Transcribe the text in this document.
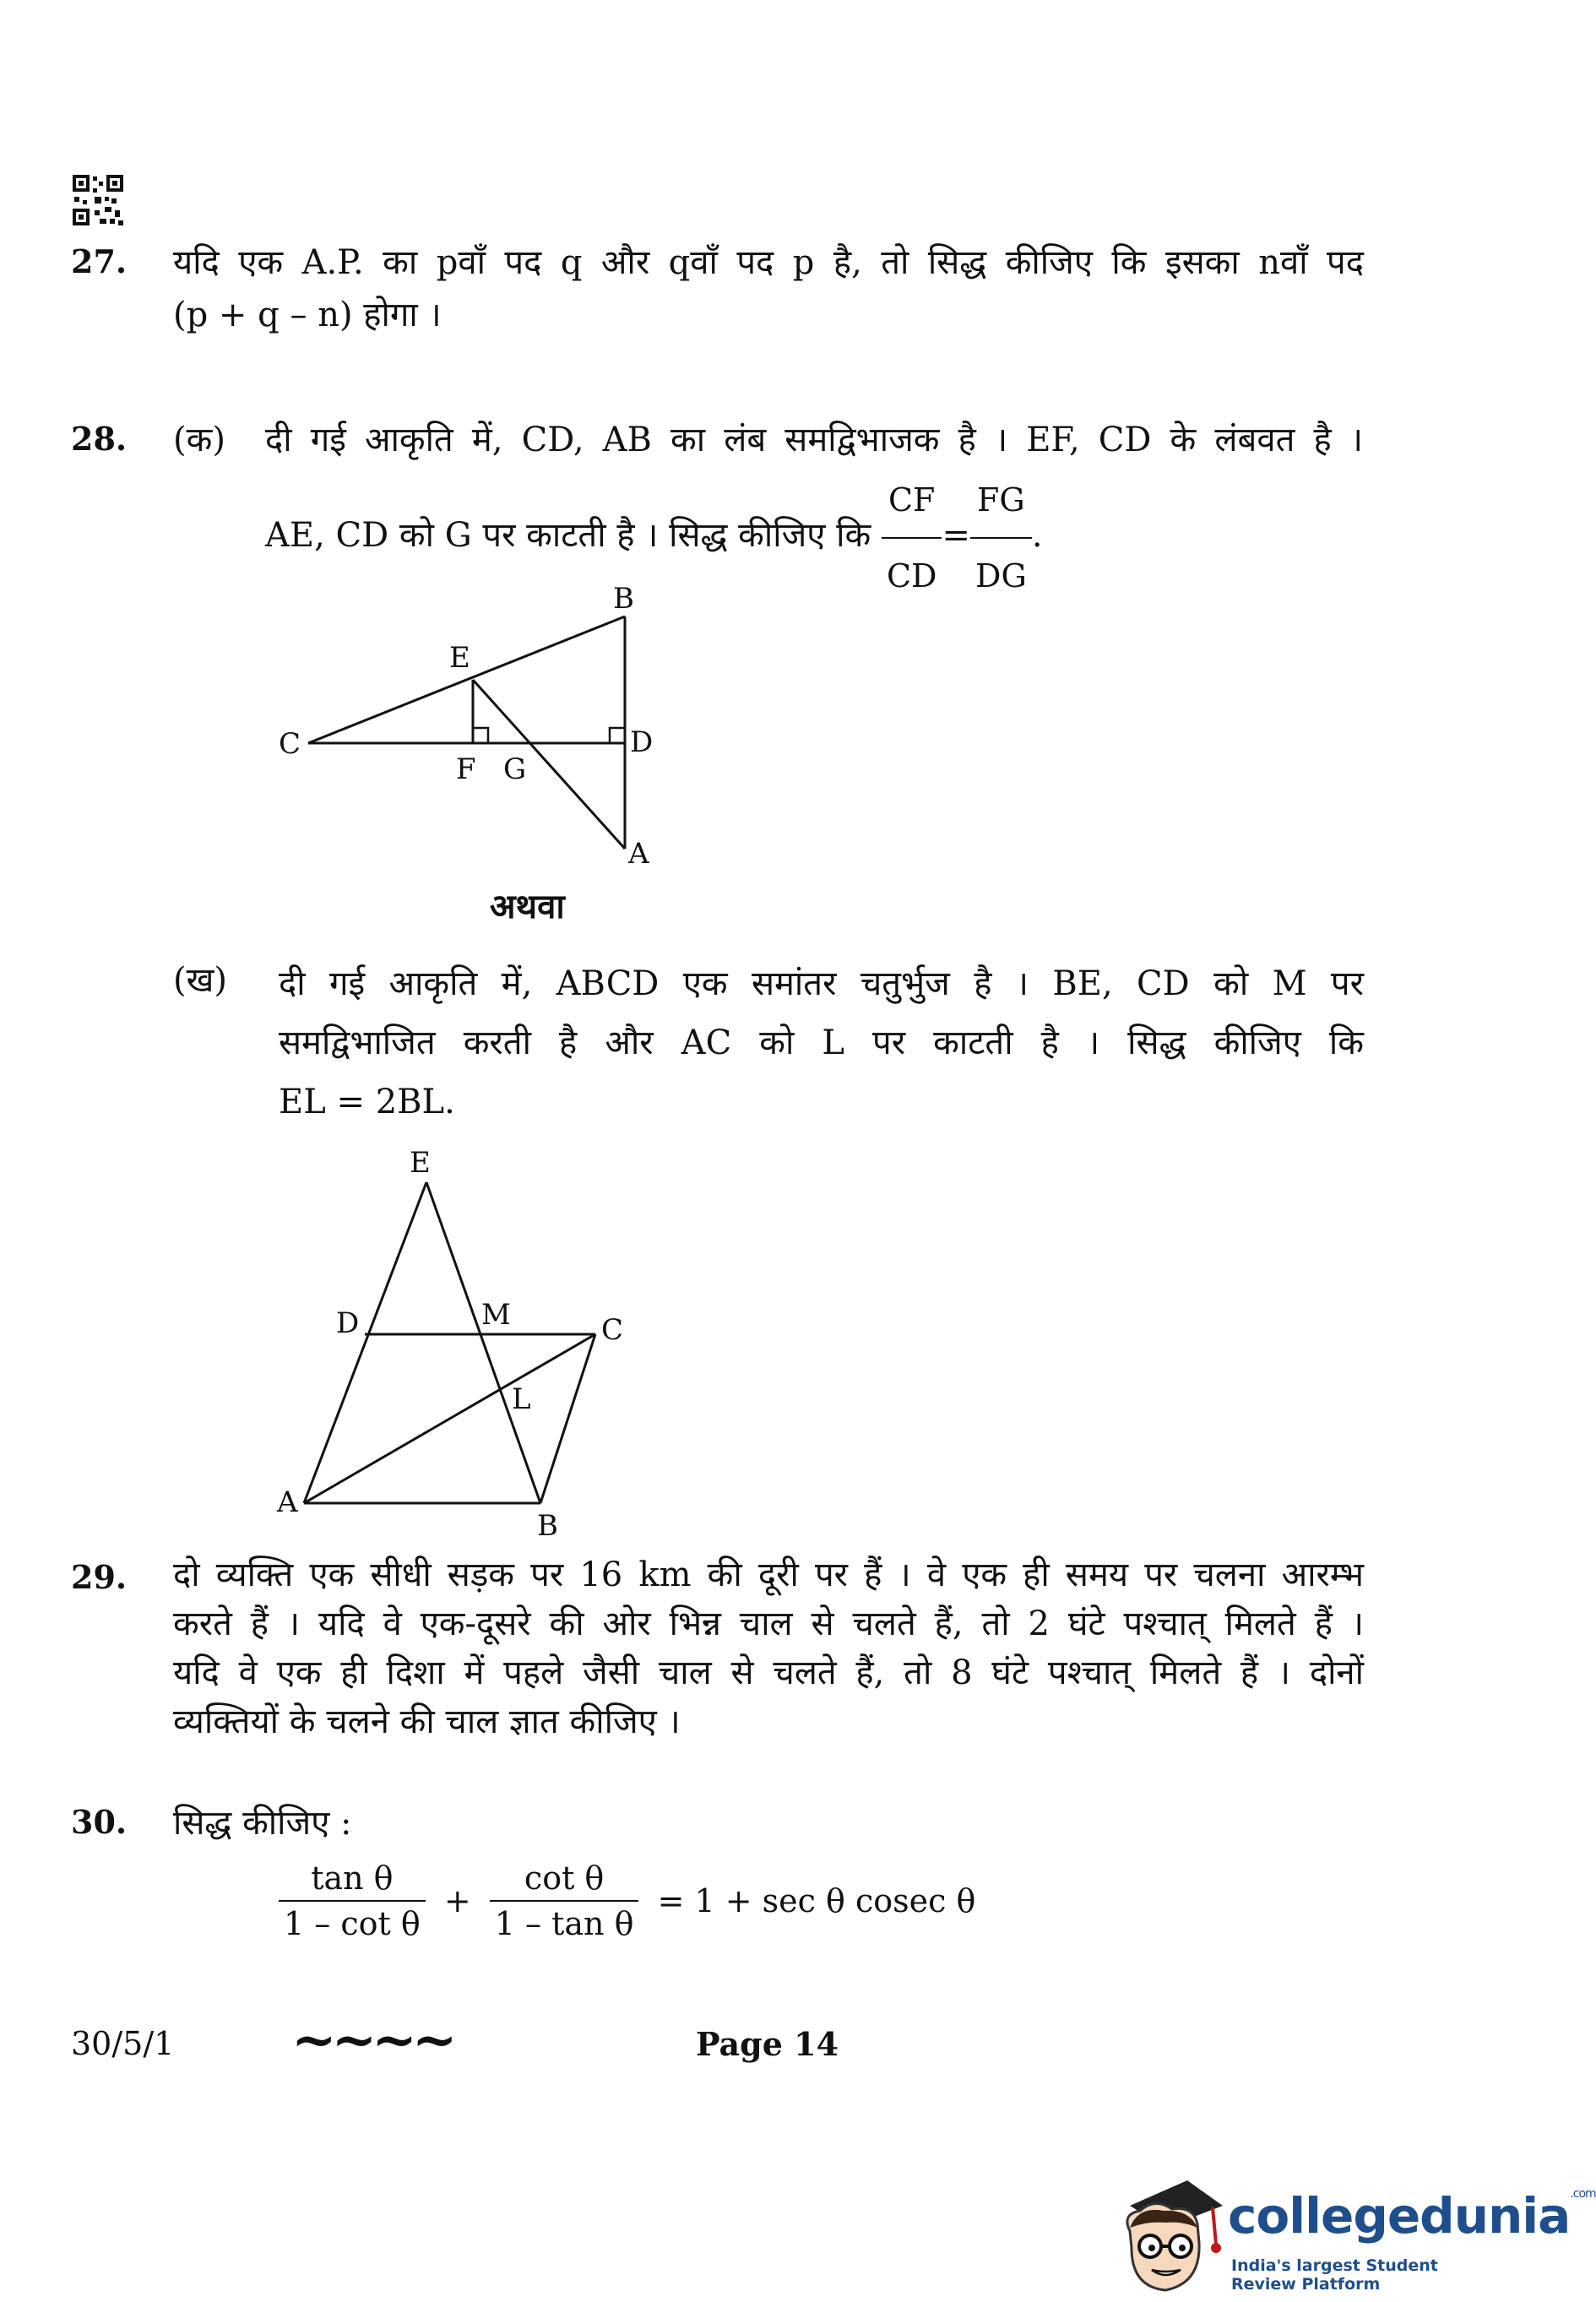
27. यदि एक A.P. का pवाँ पद q और qवाँ पद p है, तो सिद्ध कीजिए कि इसका nवाँ पद
(p + q – n) होगा ।
28. (क) दी गई आकृति में, CD, AB का लंब समद्विभाजक है । EF, CD के लंबवत है ।
AE, CD को G पर काटती है । सिद्ध कीजिए कि $\frac{CF}{CD} = \frac{FG}{DG}$ .
B
E
C
F G
D
A
अथवा
(ख) दी गई आकृति में, ABCD एक समांतर चतुर्भुज है । BE, CD को M पर
समद्विभाजित करती है और AC को L पर काटती है । सिद्ध कीजिए कि
EL = 2BL.
E
D	M	C
L
A
B
29. दो व्यक्ति एक सीधी सड़क पर 16 km की दूरी पर हैं । वे एक ही समय पर चलना आरम्भ
करते हैं । यदि वे एक-दूसरे की ओर भिन्न चाल से चलते हैं, तो 2 घंटे पश्चात् मिलते हैं ।
यदि वे एक ही दिशा में पहले जैसी चाल से चलते हैं, तो 8 घंटे पश्चात् मिलते हैं । दोनों
व्यक्तियों के चलने की चाल ज्ञात कीजिए ।
30. सिद्ध कीजिए :
$\frac{\text{tan θ}}{\text{1 – cot θ}} + \frac{\text{cot θ}}{\text{1 – tan θ}} = 1 + \sec \theta$ cosec θ
30/5/1 ~~~~	Page 14
collegedunia$^{.com}$
India's largest Student Review Platform
